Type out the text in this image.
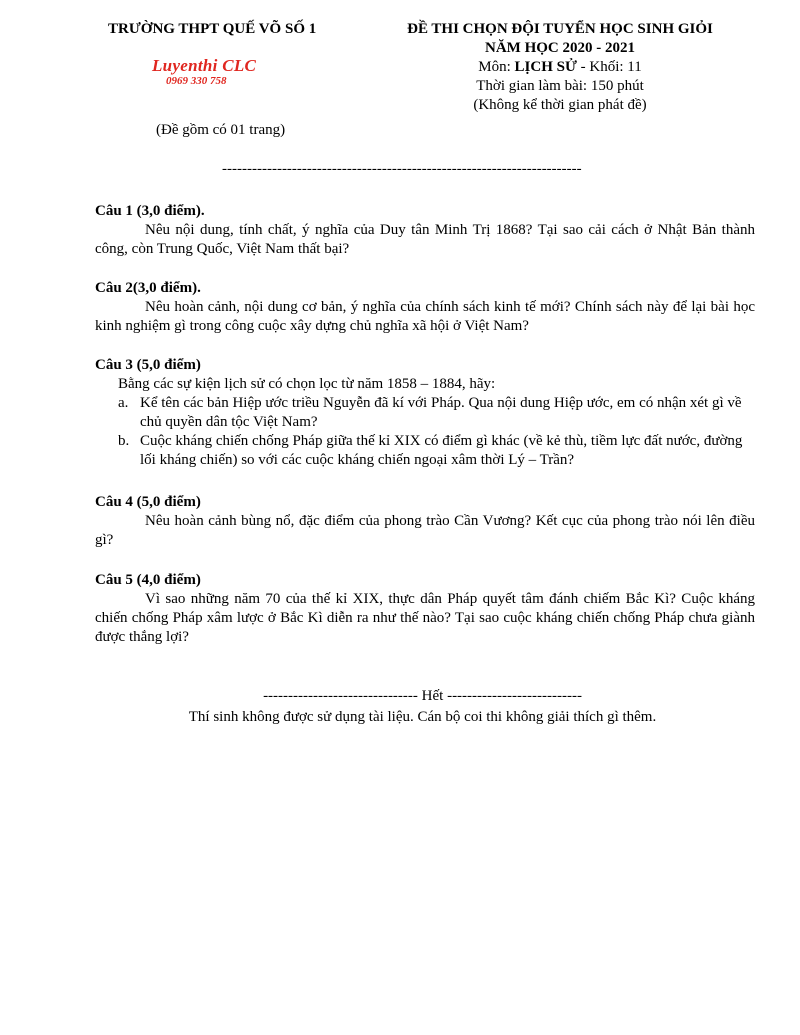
TRƯỜNG THPT QUẾ VÕ SỐ 1
Luyenthi CLC
0969 330 758
(Đề gồm có 01 trang)
ĐỀ THI CHỌN ĐỘI TUYỂN HỌC SINH GIỎI
NĂM HỌC 2020 - 2021
Môn: LỊCH SỬ - Khối: 11
Thời gian làm bài: 150 phút
(Không kể thời gian phát đề)
------------------------------------------------------------------------
Câu 1 (3,0 điểm).

Nêu nội dung, tính chất, ý nghĩa của Duy tân Minh Trị 1868? Tại sao cải cách ở Nhật Bản thành công, còn Trung Quốc, Việt Nam thất bại?

Câu 2(3,0 điểm).

Nêu hoàn cảnh, nội dung cơ bản, ý nghĩa của chính sách kinh tế mới? Chính sách này để lại bài học kinh nghiệm gì trong công cuộc xây dựng chủ nghĩa xã hội ở Việt Nam?

Câu 3 (5,0 điểm)
Bằng các sự kiện lịch sử có chọn lọc từ năm 1858 – 1884, hãy:
a. Kể tên các bản Hiệp ước triều Nguyễn đã kí với Pháp. Qua nội dung Hiệp ước, em có nhận xét gì về chủ quyền dân tộc Việt Nam?
b. Cuộc kháng chiến chống Pháp giữa thế kỉ XIX có điểm gì khác (về kẻ thù, tiềm lực đất nước, đường lối kháng chiến) so với các cuộc kháng chiến ngoại xâm thời Lý – Trần?
Câu 4 (5,0 điểm)

Nêu hoàn cảnh bùng nổ, đặc điểm của phong trào Cần Vương? Kết cục của phong trào nói lên điều gì?

Câu 5 (4,0 điểm)

Vì sao những năm 70 của thế kỉ XIX, thực dân Pháp quyết tâm đánh chiếm Bắc Kì? Cuộc kháng chiến chống Pháp xâm lược ở Bắc Kì diễn ra như thế nào? Tại sao cuộc kháng chiến chống Pháp chưa giành được thắng lợi?

------------------------------- Hết ---------------------------
Thí sinh không được sử dụng tài liệu. Cán bộ coi thi không giải thích gì thêm.
